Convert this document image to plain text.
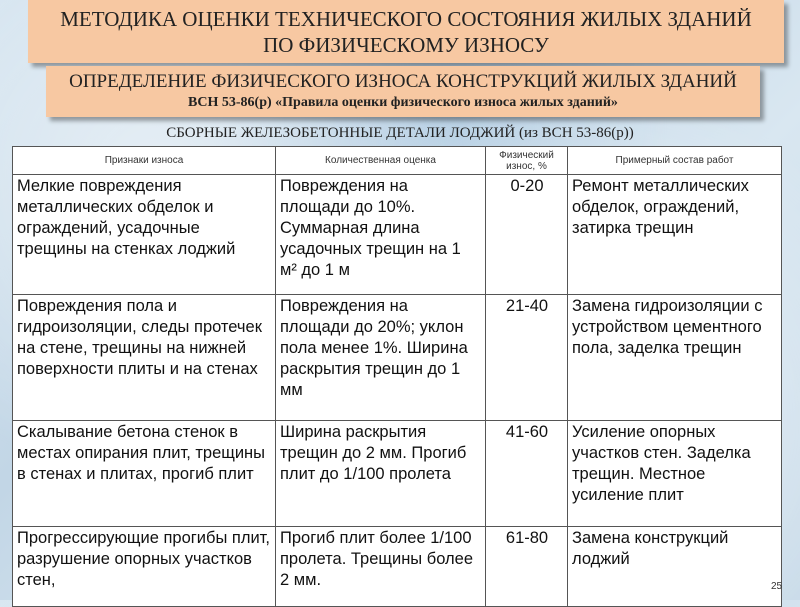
МЕТОДИКА ОЦЕНКИ ТЕХНИЧЕСКОГО СОСТОЯНИЯ ЖИЛЫХ ЗДАНИЙ
ПО ФИЗИЧЕСКОМУ ИЗНОСУ
ОПРЕДЕЛЕНИЕ ФИЗИЧЕСКОГО ИЗНОСА КОНСТРУКЦИЙ ЖИЛЫХ ЗДАНИЙ
ВСН 53-86(р) «Правила оценки физического износа жилых зданий»
СБОРНЫЕ ЖЕЛЕЗОБЕТОННЫЕ ДЕТАЛИ ЛОДЖИЙ (из ВСН 53-86(р))
Признаки износа	Количественная оценка	Физический износ, %	Примерный состав работ
Мелкие повреждения металлических обделок и ограждений, усадочные трещины на стенках лоджий	Повреждения на площади до 10%. Суммарная длина усадочных трещин на 1 м² до 1 м	0-20	Ремонт металлических обделок, ограждений, затирка трещин
Повреждения пола и гидроизоляции, следы протечек на стене, трещины на нижней поверхности плиты и на стенах	Повреждения на площади до 20%; уклон пола менее 1%. Ширина раскрытия трещин до 1 мм	21-40	Замена гидроизоляции с устройством цементного пола, заделка трещин
Скалывание бетона стенок в местах опирания плит, трещины в стенах и плитах, прогиб плит	Ширина раскрытия трещин до 2 мм. Прогиб плит до 1/100 пролета	41-60	Усиление опорных участков стен. Заделка трещин. Местное усиление плит
Прогрессирующие прогибы плит, разрушение опорных участков стен,	Прогиб плит более 1/100 пролета. Трещины более 2 мм.	61-80	Замена конструкций лоджий
25
